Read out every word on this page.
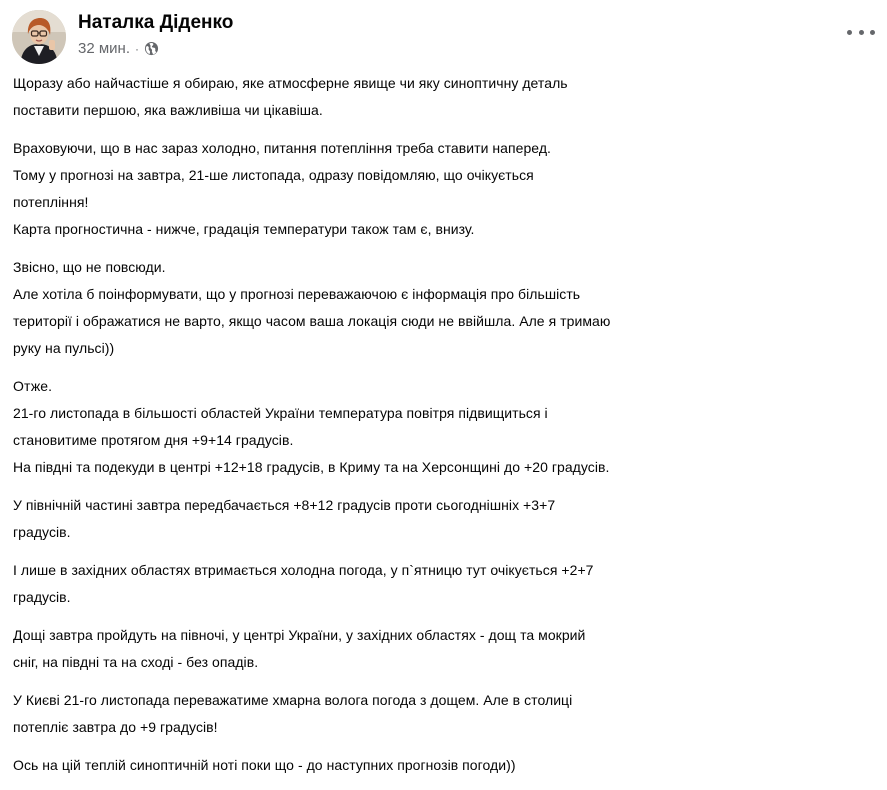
Наталка Діденко
32 мин. ·

Щоразу або найчастіше я обираю, яке атмосферне явище чи яку синоптичну деталь
поставити першою, яка важливіша чи цікавіша.

Враховуючи, що в нас зараз холодно, питання потепління треба ставити наперед.
Тому у прогнозі на завтра, 21-ше листопада, одразу повідомляю, що очікується
потепління!
Карта прогностична - нижче, градація температури також там є, внизу.

Звісно, що не повсюди.
Але хотіла б поінформувати, що у прогнозі переважаючою є інформація про більшість
території і ображатися не варто, якщо часом ваша локація сюди не ввійшла. Але я тримаю
руку на пульсі))

Отже.
21-го листопада в більшості областей України температура повітря підвищиться і
становитиме протягом дня +9+14 градусів.
На півдні та подекуди в центрі +12+18 градусів, в Криму та на Херсонщині до +20 градусів.

У північній частині завтра передбачається +8+12 градусів проти сьогоднішніх +3+7
градусів.

І лише в західних областях втримається холодна погода, у п`ятницю тут очікується +2+7
градусів.

Дощі завтра пройдуть на півночі, у центрі України, у західних областях - дощ та мокрий
сніг, на півдні та на сході - без опадів.

У Києві 21-го листопада переважатиме хмарна волога погода з дощем. Але в столиці
потепліє завтра до +9 градусів!

Ось на цій теплій синоптичній ноті поки що - до наступних прогнозів погоди))
